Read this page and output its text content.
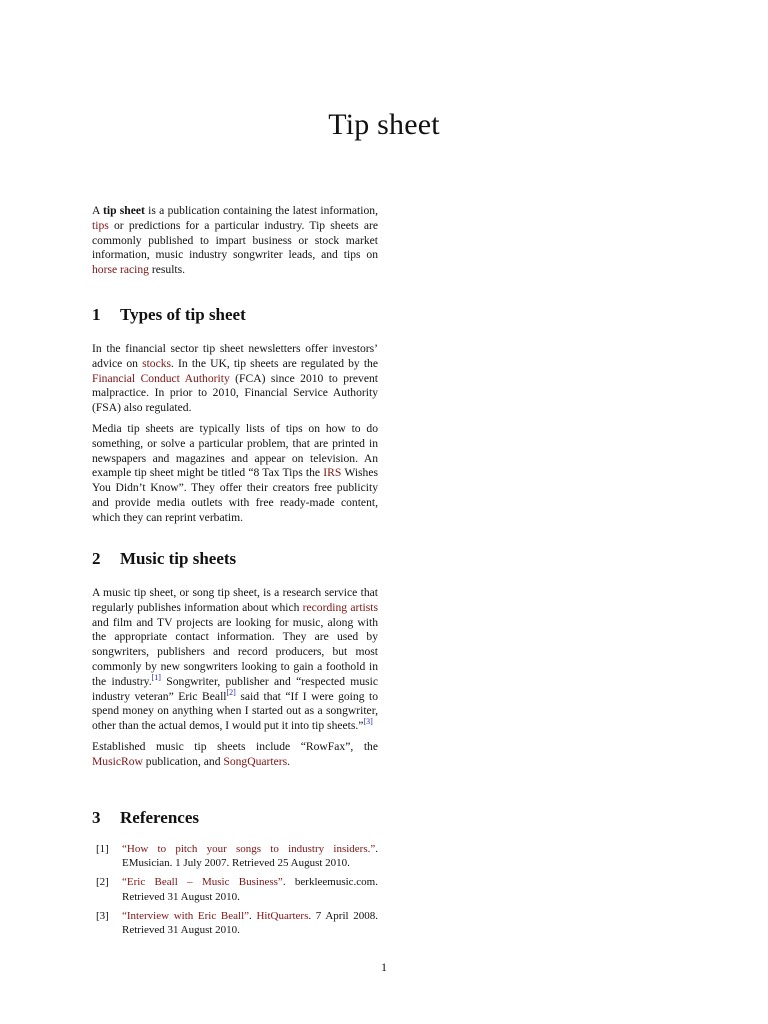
Tip sheet

A tip sheet is a publication containing the latest information, tips or predictions for a particular industry. Tip sheets are commonly published to impart business or stock market information, music industry songwriter leads, and tips on horse racing results.

1 Types of tip sheet

In the financial sector tip sheet newsletters offer investors’ advice on stocks. In the UK, tip sheets are regulated by the Financial Conduct Authority (FCA) since 2010 to prevent malpractice. In prior to 2010, Financial Service Authority (FSA) also regulated.

Media tip sheets are typically lists of tips on how to do something, or solve a particular problem, that are printed in newspapers and magazines and appear on television. An example tip sheet might be titled “8 Tax Tips the IRS Wishes You Didn’t Know”. They offer their creators free publicity and provide media outlets with free ready-made content, which they can reprint verbatim.

2 Music tip sheets

A music tip sheet, or song tip sheet, is a research service that regularly publishes information about which recording artists and film and TV projects are looking for music, along with the appropriate contact information. They are used by songwriters, publishers and record producers, but most commonly by new songwriters looking to gain a foothold in the industry.[1] Songwriter, publisher and “respected music industry veteran” Eric Beall[2] said that “If I were going to spend money on anything when I started out as a songwriter, other than the actual demos, I would put it into tip sheets.”[3]

Established music tip sheets include “RowFax”, the MusicRow publication, and SongQuarters.

3 References
[1]	“How to pitch your songs to industry insiders.”. EMusician. 1 July 2007. Retrieved 25 August 2010.
[2]	“Eric Beall – Music Business”. berkleemusic.com. Retrieved 31 August 2010.
[3]	“Interview with Eric Beall”. HitQuarters. 7 April 2008. Retrieved 31 August 2010.
1
